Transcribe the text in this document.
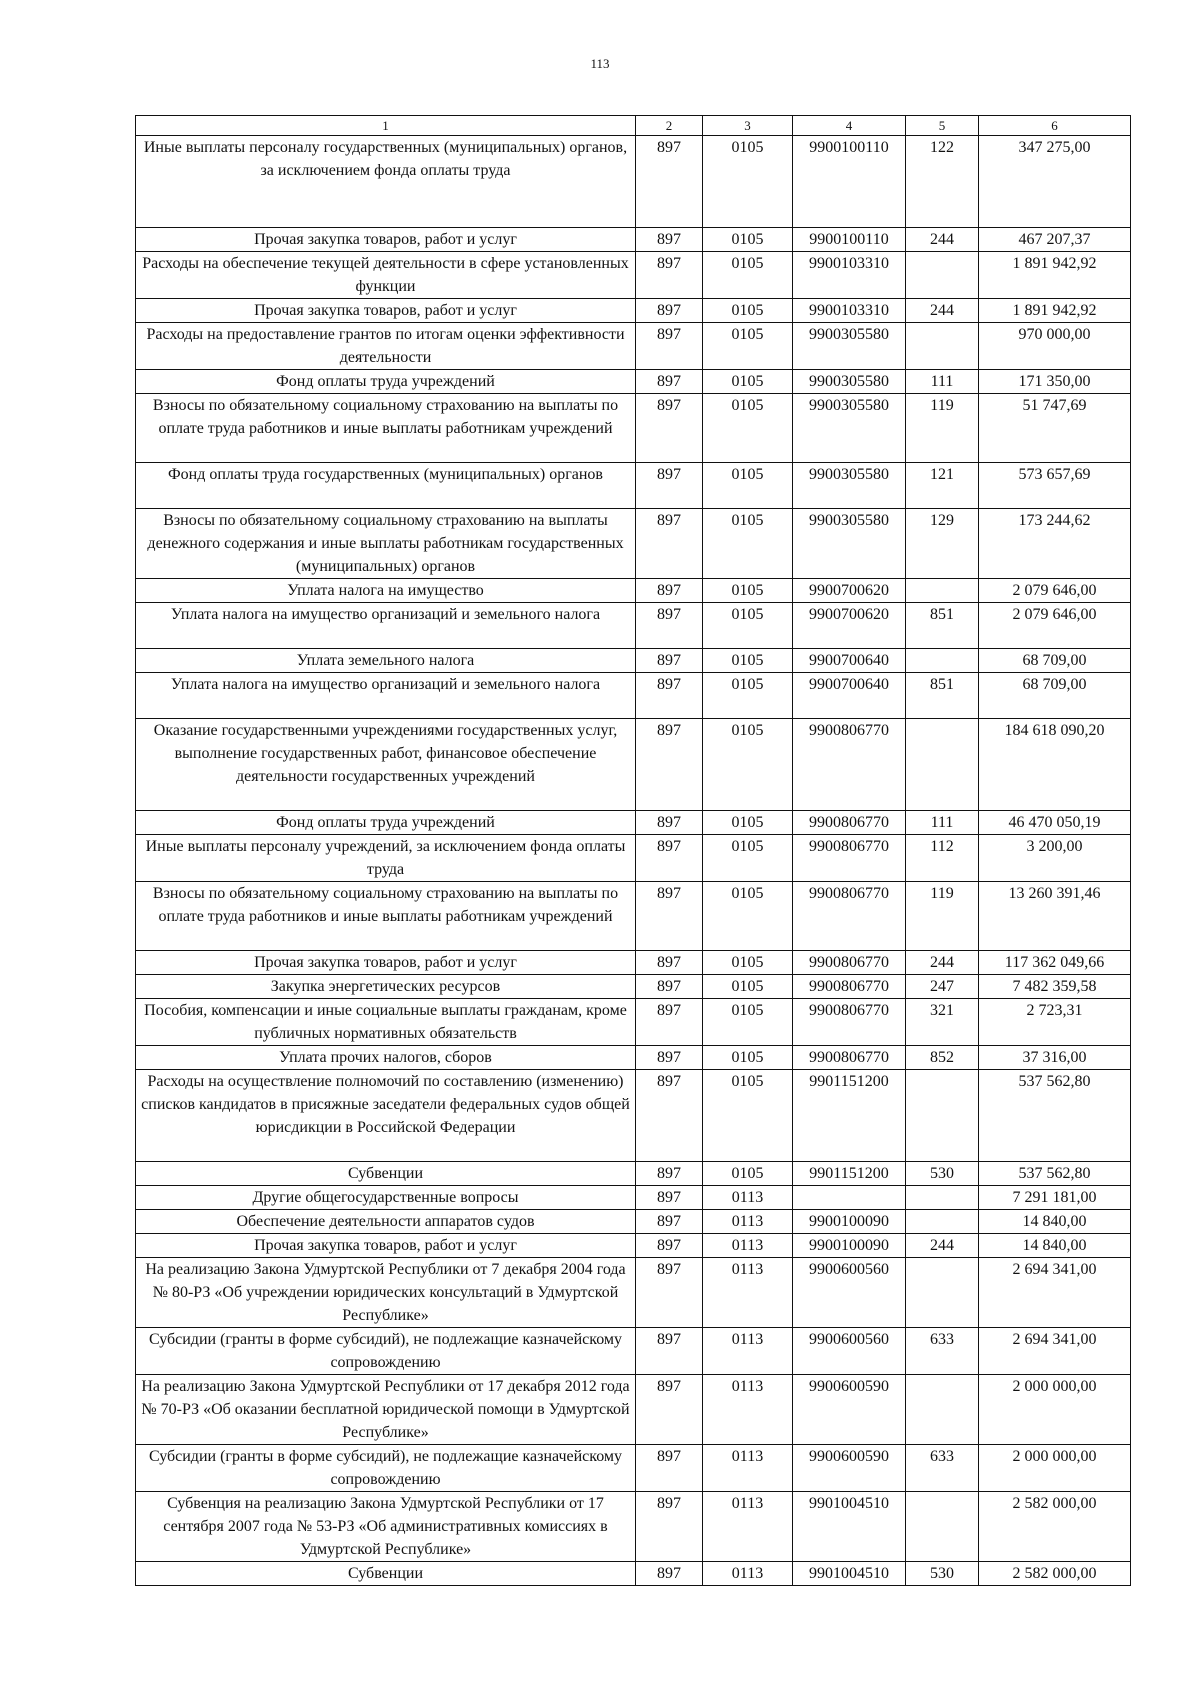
113
1	2	3	4	5	6
Иные выплаты персоналу государственных (муниципальных) органов, за исключением фонда оплаты труда	897	0105	9900100110	122	347 275,00
Прочая закупка товаров, работ и услуг	897	0105	9900100110	244	467 207,37
Расходы на обеспечение текущей деятельности в сфере установленных функции	897	0105	9900103310		1 891 942,92
Прочая закупка товаров, работ и услуг	897	0105	9900103310	244	1 891 942,92
Расходы на предоставление грантов по итогам оценки эффективности деятельности	897	0105	9900305580		970 000,00
Фонд оплаты труда учреждений	897	0105	9900305580	111	171 350,00
Взносы по обязательному социальному страхованию на выплаты по оплате труда работников и иные выплаты работникам учреждений	897	0105	9900305580	119	51 747,69
Фонд оплаты труда государственных (муниципальных) органов	897	0105	9900305580	121	573 657,69
Взносы по обязательному социальному страхованию на выплаты денежного содержания и иные выплаты работникам государственных (муниципальных) органов	897	0105	9900305580	129	173 244,62
Уплата налога на имущество	897	0105	9900700620		2 079 646,00
Уплата налога на имущество организаций и земельного налога	897	0105	9900700620	851	2 079 646,00
Уплата земельного налога	897	0105	9900700640		68 709,00
Уплата налога на имущество организаций и земельного налога	897	0105	9900700640	851	68 709,00
Оказание государственными учреждениями государственных услуг, выполнение государственных работ, финансовое обеспечение деятельности государственных учреждений	897	0105	9900806770		184 618 090,20
Фонд оплаты труда учреждений	897	0105	9900806770	111	46 470 050,19
Иные выплаты персоналу учреждений, за исключением фонда оплаты труда	897	0105	9900806770	112	3 200,00
Взносы по обязательному социальному страхованию на выплаты по оплате труда работников и иные выплаты работникам учреждений	897	0105	9900806770	119	13 260 391,46
Прочая закупка товаров, работ и услуг	897	0105	9900806770	244	117 362 049,66
Закупка энергетических ресурсов	897	0105	9900806770	247	7 482 359,58
Пособия, компенсации и иные социальные выплаты гражданам, кроме публичных нормативных обязательств	897	0105	9900806770	321	2 723,31
Уплата прочих налогов, сборов	897	0105	9900806770	852	37 316,00
Расходы на осуществление полномочий по составлению (изменению) списков кандидатов в присяжные заседатели федеральных судов общей юрисдикции в Российской Федерации	897	0105	9901151200		537 562,80
Субвенции	897	0105	9901151200	530	537 562,80
Другие общегосударственные вопросы	897	0113			7 291 181,00
Обеспечение деятельности аппаратов судов	897	0113	9900100090		14 840,00
Прочая закупка товаров, работ и услуг	897	0113	9900100090	244	14 840,00
На реализацию Закона Удмуртской Республики от 7 декабря 2004 года № 80-РЗ «Об учреждении юридических консультаций в Удмуртской Республике»	897	0113	9900600560		2 694 341,00
Субсидии (гранты в форме субсидий), не подлежащие казначейскому сопровождению	897	0113	9900600560	633	2 694 341,00
На реализацию Закона Удмуртской Республики от 17 декабря 2012 года № 70-РЗ «Об оказании бесплатной юридической помощи в Удмуртской Республике»	897	0113	9900600590		2 000 000,00
Субсидии (гранты в форме субсидий), не подлежащие казначейскому сопровождению	897	0113	9900600590	633	2 000 000,00
Субвенция на реализацию Закона Удмуртской Республики от 17 сентября 2007 года № 53-РЗ «Об административных комиссиях в Удмуртской Республике»	897	0113	9901004510		2 582 000,00
Субвенции	897	0113	9901004510	530	2 582 000,00
